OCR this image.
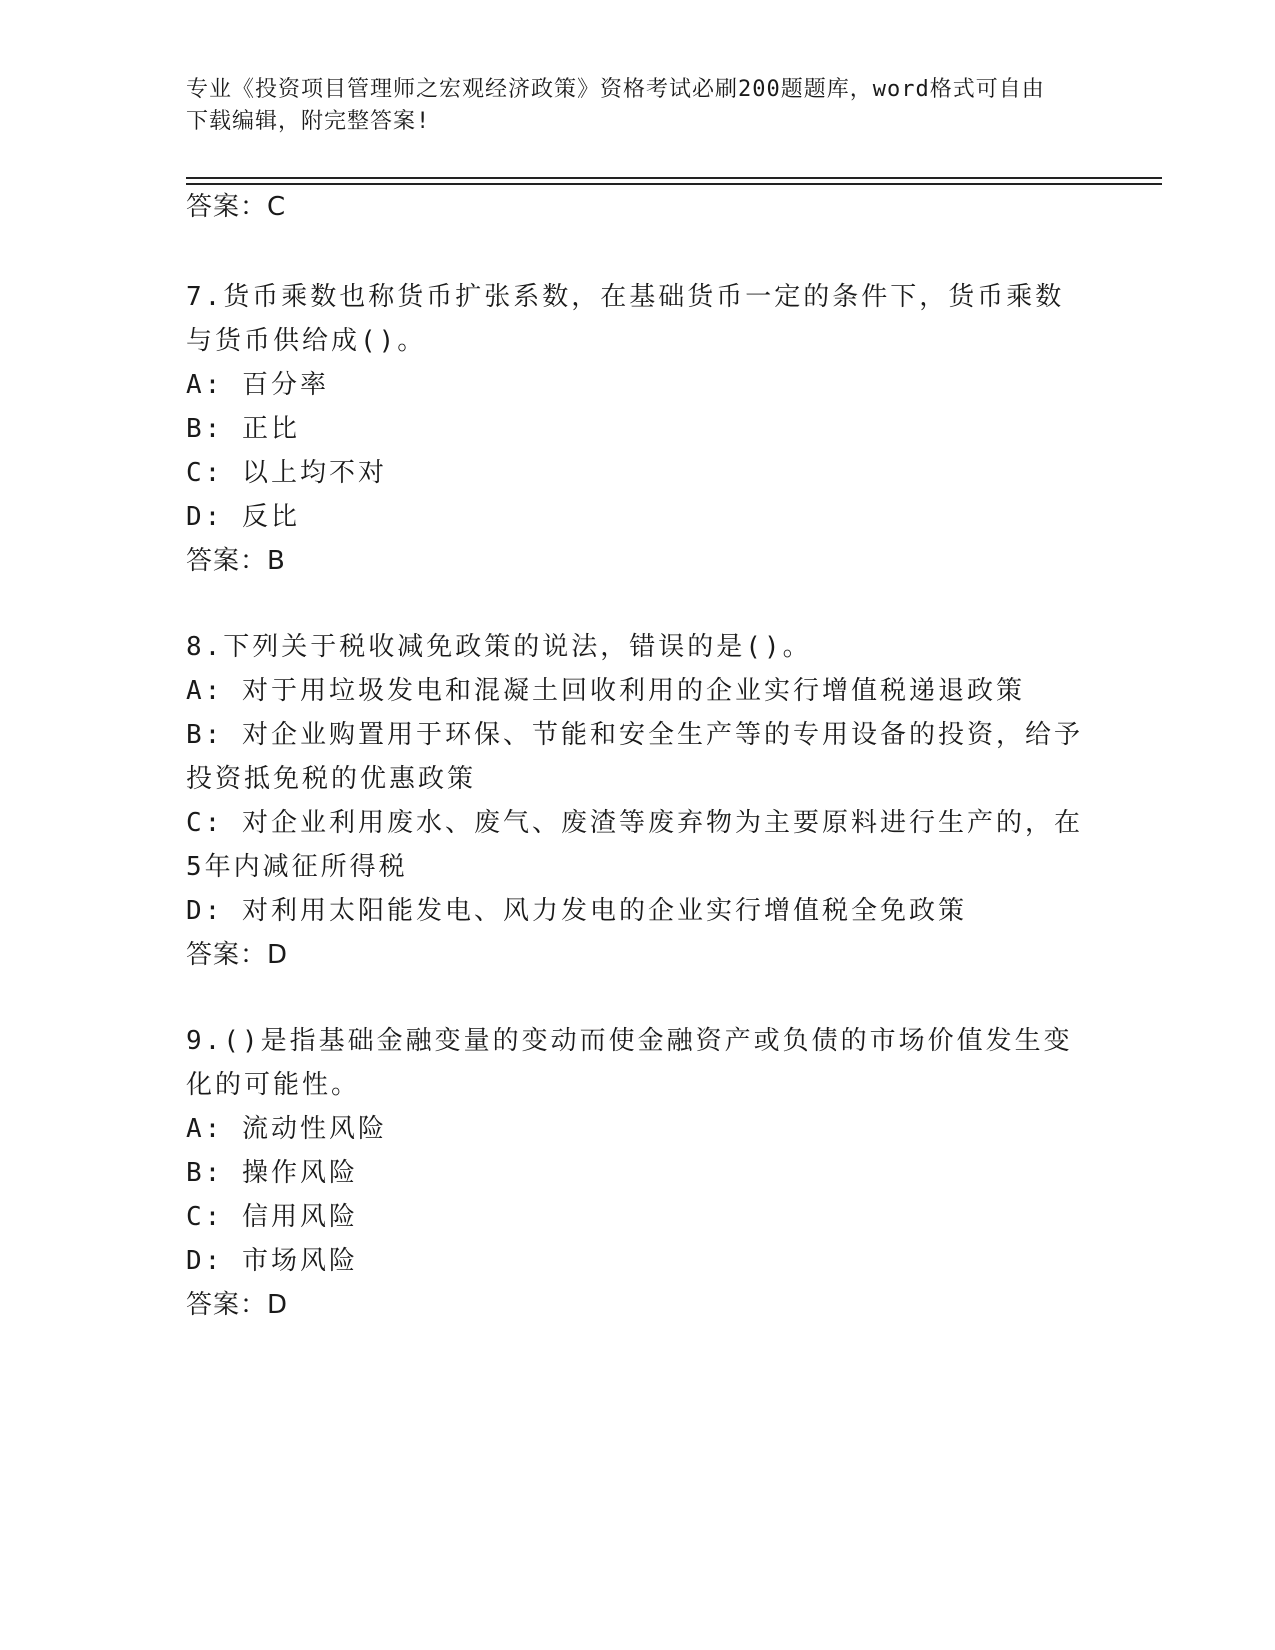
专业《投资项目管理师之宏观经济政策》资格考试必刷200题题库，word格式可自由下载编辑，附完整答案!
答案：C
7.货币乘数也称货币扩张系数，在基础货币一定的条件下，货币乘数
与货币供给成()。
A: 百分率
B: 正比
C: 以上均不对
D: 反比
答案：B
8.下列关于税收减免政策的说法，错误的是()。
A: 对于用垃圾发电和混凝土回收利用的企业实行增值税递退政策
B: 对企业购置用于环保、节能和安全生产等的专用设备的投资，给予
投资抵免税的优惠政策
C: 对企业利用废水、废气、废渣等废弃物为主要原料进行生产的，在
5年内减征所得税
D: 对利用太阳能发电、风力发电的企业实行增值税全免政策
答案：D
9.()是指基础金融变量的变动而使金融资产或负债的市场价值发生变
化的可能性。
A: 流动性风险
B: 操作风险
C: 信用风险
D: 市场风险
答案：D
